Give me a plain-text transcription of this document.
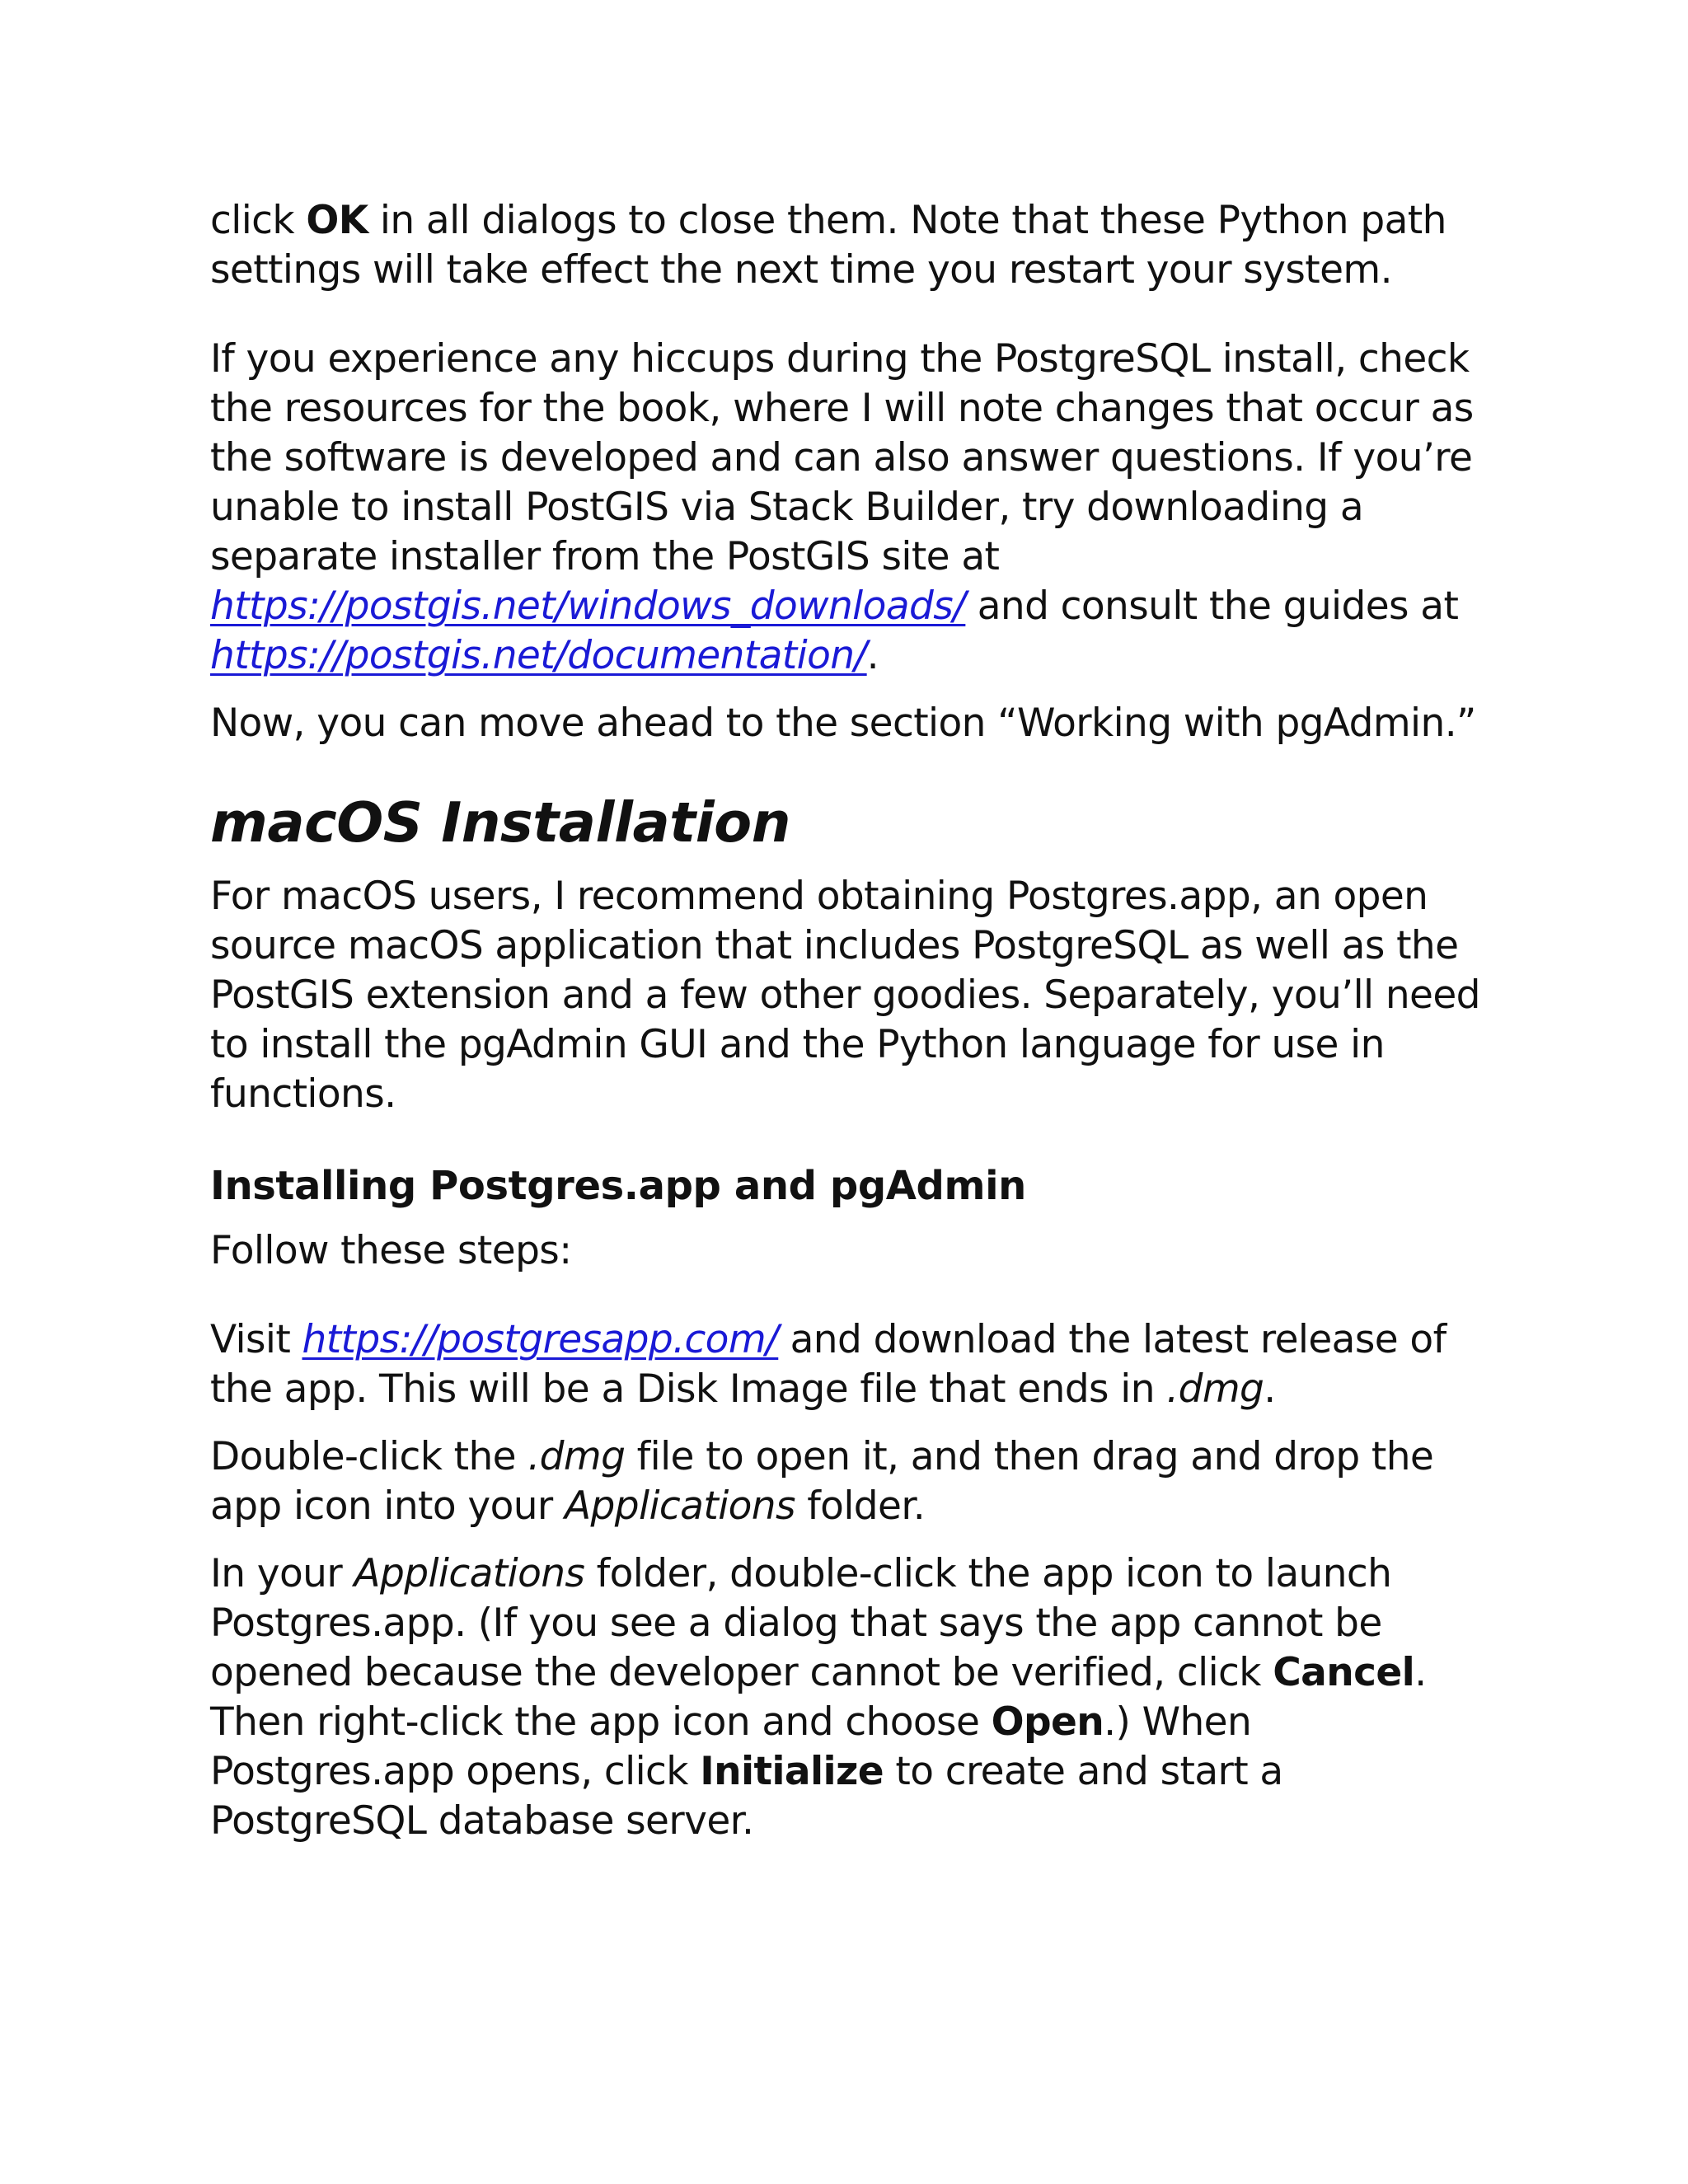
click OK in all dialogs to close them. Note that these Python path settings will take effect the next time you restart your system.

If you experience any hiccups during the PostgreSQL install, check the resources for the book, where I will note changes that occur as the software is developed and can also answer questions. If you’re unable to install PostGIS via Stack Builder, try downloading a separate installer from the PostGIS site at https://postgis.net/windows_downloads/ and consult the guides at https://postgis.net/documentation/.

Now, you can move ahead to the section “Working with pgAdmin.”

macOS Installation

For macOS users, I recommend obtaining Postgres.app, an open source macOS application that includes PostgreSQL as well as the PostGIS extension and a few other goodies. Separately, you’ll need to install the pgAdmin GUI and the Python language for use in functions.

Installing Postgres.app and pgAdmin

Follow these steps:

Visit https://postgresapp.com/ and download the latest release of the app. This will be a Disk Image file that ends in .dmg.

Double-click the .dmg file to open it, and then drag and drop the app icon into your Applications folder.

In your Applications folder, double-click the app icon to launch Postgres.app. (If you see a dialog that says the app cannot be opened because the developer cannot be verified, click Cancel. Then right-click the app icon and choose Open.) When Postgres.app opens, click Initialize to create and start a PostgreSQL database server.
